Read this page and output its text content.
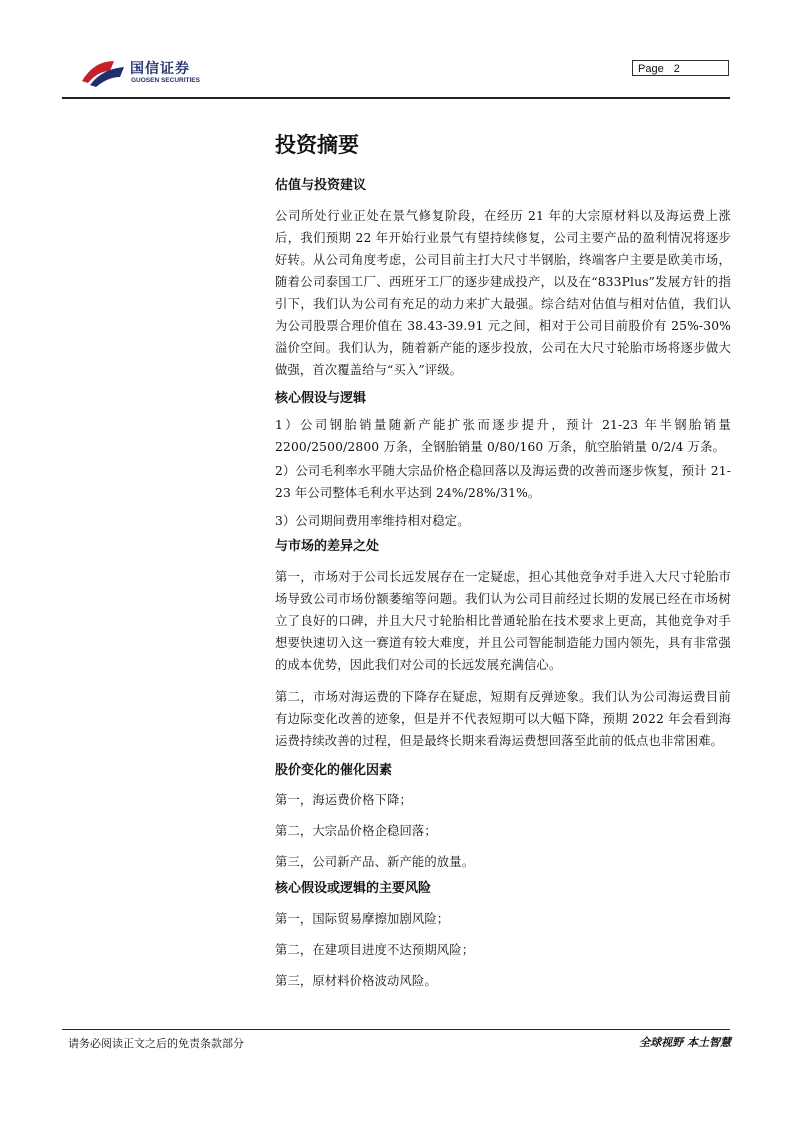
国信证券
GUOSEN SECURITIES
Page 2
投资摘要
估值与投资建议

公司所处行业正处在景气修复阶段，在经历 21 年的大宗原材料以及海运费上涨后，我们预期 22 年开始行业景气有望持续修复，公司主要产品的盈利情况将逐步好转。从公司角度考虑，公司目前主打大尺寸半钢胎，终端客户主要是欧美市场，随着公司泰国工厂、西班牙工厂的逐步建成投产，以及在“833Plus”发展方针的指引下，我们认为公司有充足的动力来扩大最强。综合结对估值与相对估值，我们认为公司股票合理价值在 38.43-39.91 元之间，相对于公司目前股价有 25%-30%溢价空间。我们认为，随着新产能的逐步投放，公司在大尺寸轮胎市场将逐步做大做强，首次覆盖给与“买入”评级。

核心假设与逻辑

1）公司钢胎销量随新产能扩张而逐步提升，预计 21-23 年半钢胎销量 2200/2500/2800 万条，全钢胎销量 0/80/160 万条，航空胎销量 0/2/4 万条。

2）公司毛利率水平随大宗品价格企稳回落以及海运费的改善而逐步恢复，预计 21-23 年公司整体毛利水平达到 24%/28%/31%。

3）公司期间费用率维持相对稳定。

与市场的差异之处

第一，市场对于公司长远发展存在一定疑虑，担心其他竞争对手进入大尺寸轮胎市场导致公司市场份额萎缩等问题。我们认为公司目前经过长期的发展已经在市场树立了良好的口碑，并且大尺寸轮胎相比普通轮胎在技术要求上更高，其他竞争对手想要快速切入这一赛道有较大难度，并且公司智能制造能力国内领先，具有非常强的成本优势，因此我们对公司的长远发展充满信心。

第二，市场对海运费的下降存在疑虑，短期有反弹迹象。我们认为公司海运费目前有边际变化改善的迹象，但是并不代表短期可以大幅下降，预期 2022 年会看到海运费持续改善的过程，但是最终长期来看海运费想回落至此前的低点也非常困难。

股价变化的催化因素

第一，海运费价格下降；

第二，大宗品价格企稳回落；

第三，公司新产品、新产能的放量。

核心假设或逻辑的主要风险

第一，国际贸易摩擦加剧风险；

第二，在建项目进度不达预期风险；

第三，原材料价格波动风险。

请务必阅读正文之后的免责条款部分	全球视野 本土智慧
